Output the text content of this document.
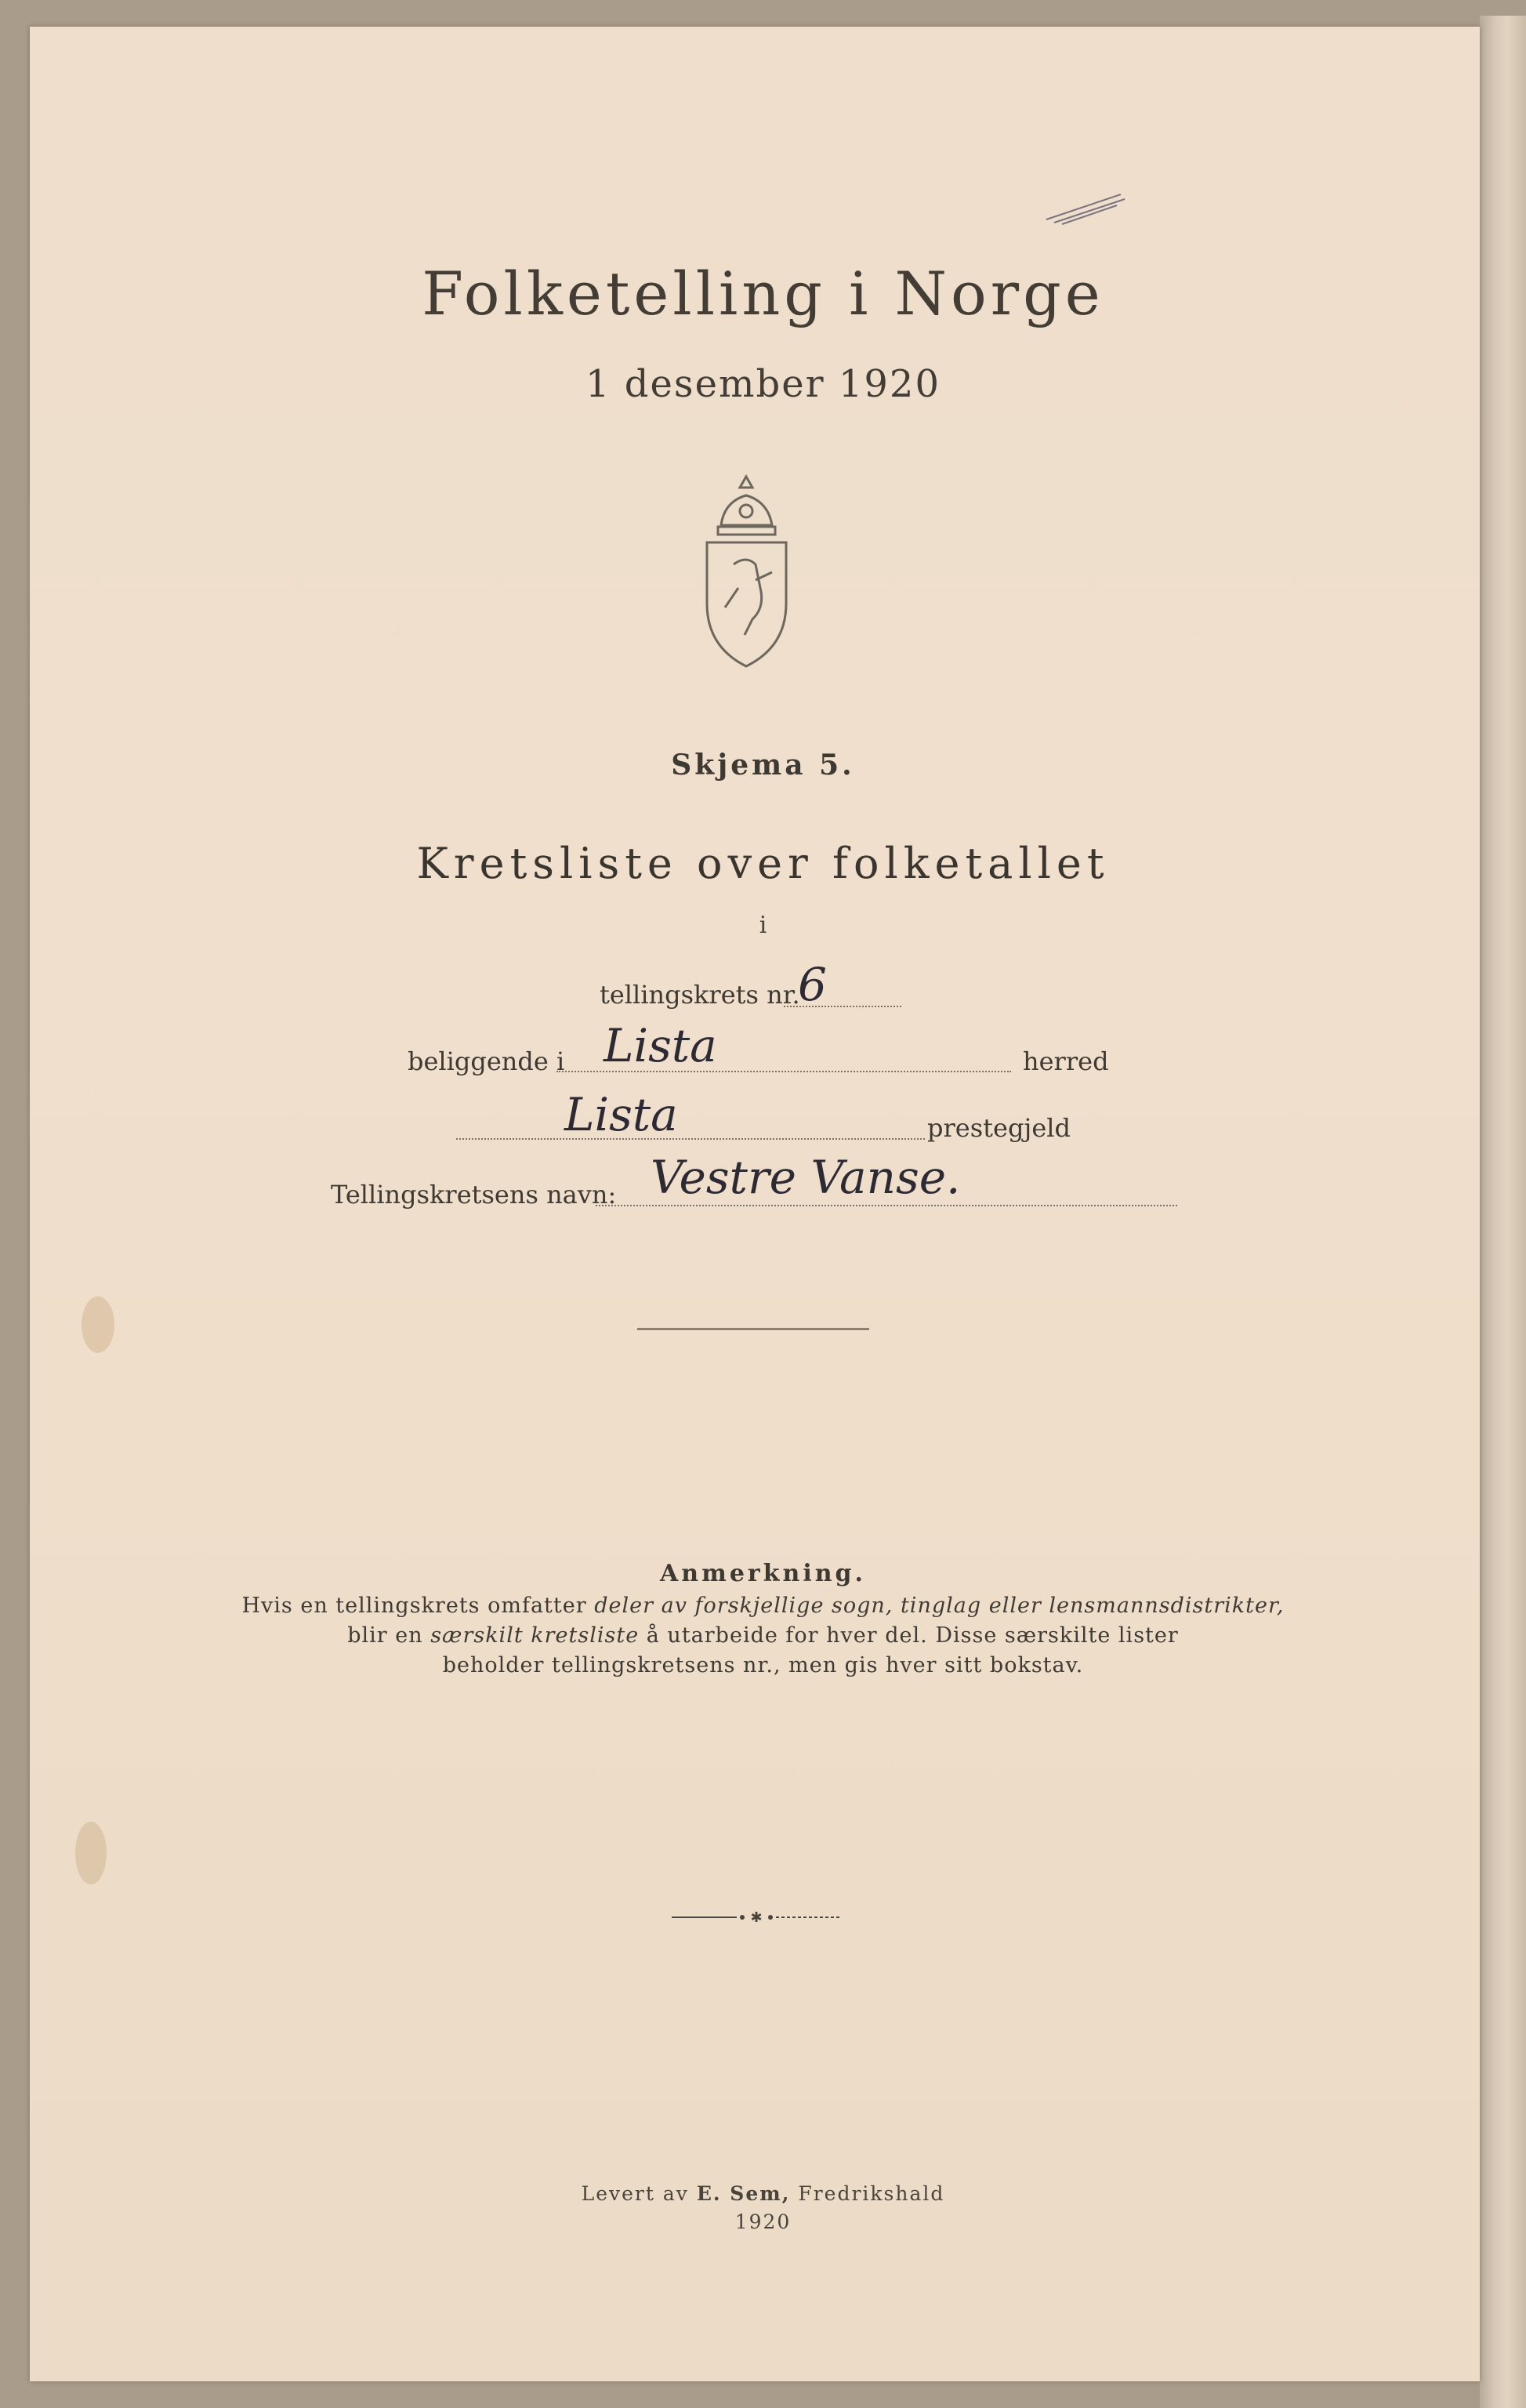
Folketelling i Norge
1 desember 1920
Skjema 5.
Kretsliste over folketallet
i
tellingskrets nr.
6
beliggende i Lista	herred
Lista	prestegjeld
Tellingskretsens navn: Vestre Vanse.
Anmerkning.
Hvis en tellingskrets omfatter deler av forskjellige sogn, tinglag eller lensmannsdistrikter,
blir en særskilt kretsliste å utarbeide for hver del. Disse særskilte lister
beholder tellingskretsens nr., men gis hver sitt bokstav.
✱
Levert av E. Sem, Fredrikshald
1920
